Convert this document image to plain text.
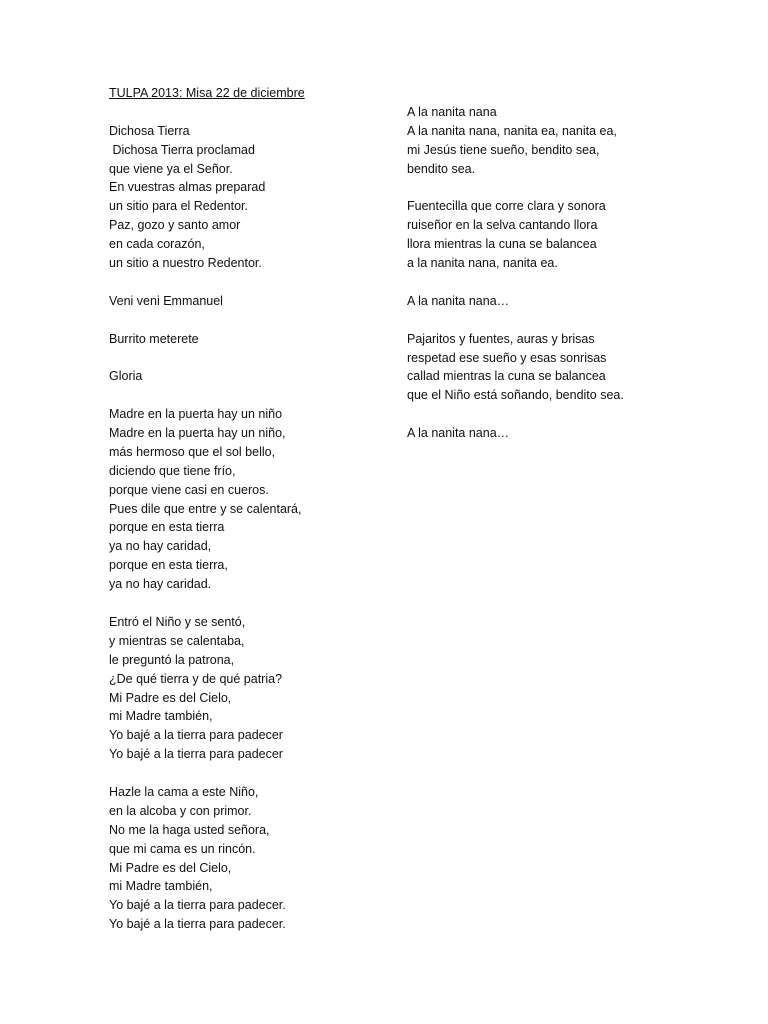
TULPA 2013: Misa 22 de diciembre
Dichosa Tierra
Dichosa Tierra proclamad
que viene ya el Señor.
En vuestras almas preparad
un sitio para el Redentor.
Paz, gozo y santo amor
en cada corazón,
un sitio a nuestro Redentor.
Veni veni Emmanuel
Burrito meterete
Gloria
Madre en la puerta hay un niño
Madre en la puerta hay un niño,
más hermoso que el sol bello,
diciendo que tiene frío,
porque viene casi en cueros.
Pues dile que entre y se calentará,
porque en esta tierra
ya no hay caridad,
porque en esta tierra,
ya no hay caridad.
Entró el Niño y se sentó,
y mientras se calentaba,
le preguntó la patrona,
¿De qué tierra y de qué patria?
Mi Padre es del Cielo,
mi Madre también,
Yo bajé a la tierra para padecer
Yo bajé a la tierra para padecer
Hazle la cama a este Niño,
en la alcoba y con primor.
No me la haga usted señora,
que mi cama es un rincón.
Mi Padre es del Cielo,
mi Madre también,
Yo bajé a la tierra para padecer.
Yo bajé a la tierra para padecer.
A la nanita nana
A la nanita nana, nanita ea, nanita ea,
mi Jesús tiene sueño, bendito sea,
bendito sea.
Fuentecilla que corre clara y sonora
ruiseñor en la selva cantando llora
llora mientras la cuna se balancea
a la nanita nana, nanita ea.
A la nanita nana…
Pajaritos y fuentes, auras y brisas
respetad ese sueño y esas sonrisas
callad mientras la cuna se balancea
que el Niño está soñando, bendito sea.
A la nanita nana…
